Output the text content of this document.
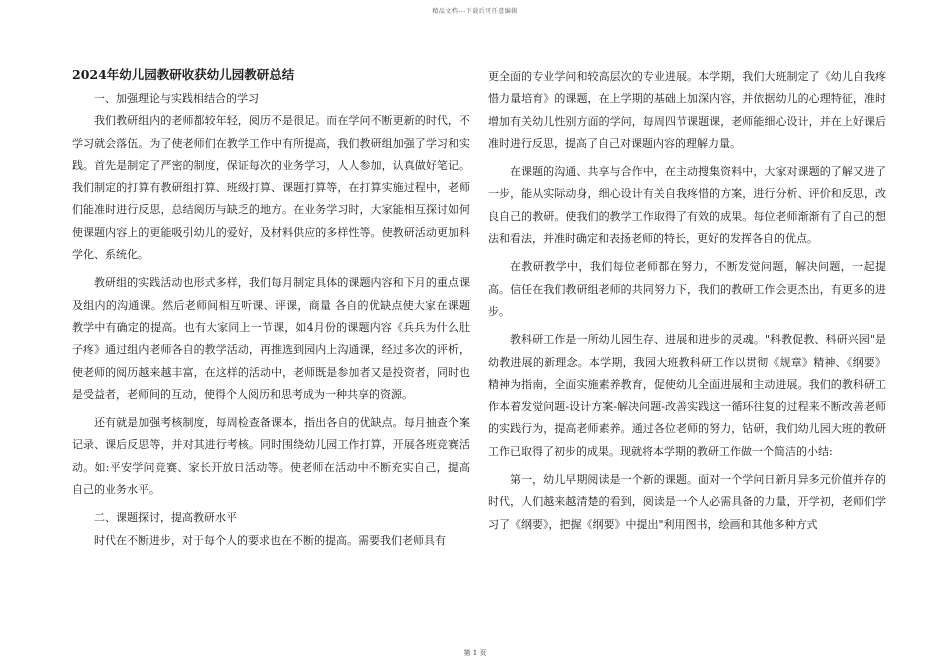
精品文档---下载后可任意编辑
2024年幼儿园教研收获幼儿园教研总结

一、加强理论与实践相结合的学习

我们教研组内的老师都较年轻，阅历不是很足。而在学问不断更新的时代，不学习就会落伍。为了使老师们在教学工作中有所提高，我们教研组加强了学习和实践。首先是制定了严密的制度，保证每次的业务学习，人人参加，认真做好笔记。我们制定的打算有教研组打算、班级打算、课题打算等，在打算实施过程中，老师们能准时进行反思，总结阅历与缺乏的地方。在业务学习时，大家能相互探讨如何使课题内容上的更能吸引幼儿的爱好，及材料供应的多样性等。使教研活动更加科学化、系统化。

教研组的实践活动也形式多样，我们每月制定具体的课题内容和下月的重点课及组内的沟通课。然后老师间相互听课、评课，商量 各自的优缺点使大家在课题教学中有确定的提高。也有大家同上一节课，如4月份的课题内容《兵兵为什么肚子疼》通过组内老师各自的教学活动，再推选到园内上沟通课，经过多次的评析，使老师的阅历越来越丰富，在这样的活动中，老师既是参加者又是投资者，同时也是受益者，老师间的互动，使得个人阅历和思考成为一种共享的资源。

还有就是加强考核制度，每周检查备课本，指出各自的优缺点。每月抽查个案记录、课后反思等，并对其进行考核。同时围绕幼儿园工作打算，开展各班竞赛活动。如:平安学问竞赛、家长开放日活动等。使老师在活动中不断充实自己，提高自己的业务水平。

二、课题探讨，提高教研水平

时代在不断进步，对于每个人的要求也在不断的提高。需要我们老师具有

更全面的专业学问和较高层次的专业进展。本学期，我们大班制定了《幼儿自我疼惜力量培育》的课题，在上学期的基础上加深内容，并依据幼儿的心理特征，准时增加有关幼儿性别方面的学问，每周四节课题课，老师能细心设计，并在上好课后准时进行反思，提高了自己对课题内容的理解力量。

在课题的沟通、共享与合作中，在主动搜集资料中，大家对课题的了解又进了一步，能从实际动身，细心设计有关自我疼惜的方案，进行分析、评价和反思，改良自己的教研。使我们的教学工作取得了有效的成果。每位老师渐渐有了自己的想法和看法，并准时确定和表扬老师的特长，更好的发挥各自的优点。

在教研教学中，我们每位老师都在努力，不断发觉问题，解决问题，一起提高。信任在我们教研组老师的共同努力下，我们的教研工作会更杰出，有更多的进步。

教科研工作是一所幼儿园生存、进展和进步的灵魂。"科教促教、科研兴园"是幼教进展的新理念。本学期，我园大班教科研工作以贯彻《规章》精神、《纲要》精神为指南，全面实施素养教育，促使幼儿全面进展和主动进展。我们的教科研工作本着发觉问题-设计方案-解决问题-改善实践这一循环往复的过程来不断改善老师的实践行为，提高老师素养。通过各位老师的努力，钻研，我们幼儿园大班的教研工作已取得了初步的成果。现就将本学期的教研工作做一个简洁的小结:

第一，幼儿早期阅读是一个新的课题。面对一个学问日新月异多元价值并存的时代，人们越来越清楚的看到，阅读是一个人必需具备的力量，开学初，老师们学习了《纲要》，把握《纲要》中提出"利用图书，绘画和其他多种方式

第 1 页
